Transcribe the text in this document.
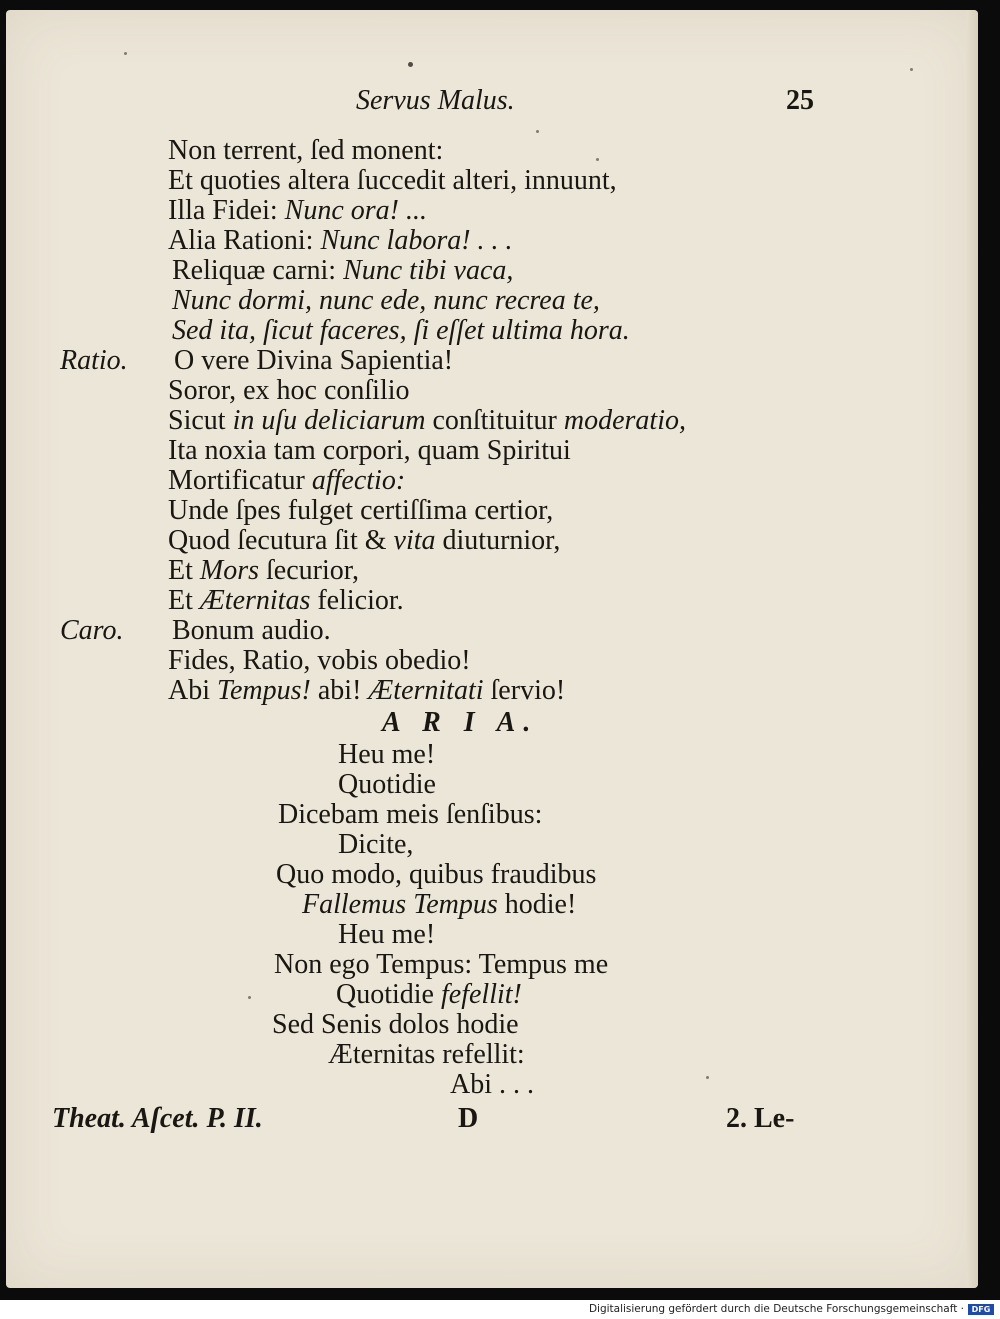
Servus Malus.	25
Non terrent, ſed monent:
Et quoties altera ſuccedit alteri, innuunt,
Illa Fidei: Nunc ora! ...
Alia Rationi: Nunc labora! . . .
Reliquæ carni: Nunc tibi vaca,
Nunc dormi, nunc ede, nunc recrea te,
Sed ita, ſicut faceres, ſi eſſet ultima hora.
Ratio. O vere Divina Sapientia!
Soror, ex hoc conſilio
Sicut in uſu deliciarum conſtituitur moderatio,
Ita noxia tam corpori, quam Spiritui
Mortificatur affectio:
Unde ſpes fulget certiſſima certior,
Quod ſecutura ſit & vita diuturnior,
Et Mors ſecurior,
Et Æternitas felicior.
Caro. Bonum audio.
Fides, Ratio, vobis obedio!
Abi Tempus! abi! Æternitati ſervio!
A R I A.
Heu me!
Quotidie
Dicebam meis ſenſibus:
Dicite,
Quo modo, quibus fraudibus
Fallemus Tempus hodie!
Heu me!
Non ego Tempus: Tempus me
Quotidie fefellit!
Sed Senis dolos hodie
Æternitas refellit:
Abi . . .
Theat. Aſcet. P. II.	D	2. Le-
Digitalisierung gefördert durch die Deutsche Forschungsgemeinschaft · DFG
